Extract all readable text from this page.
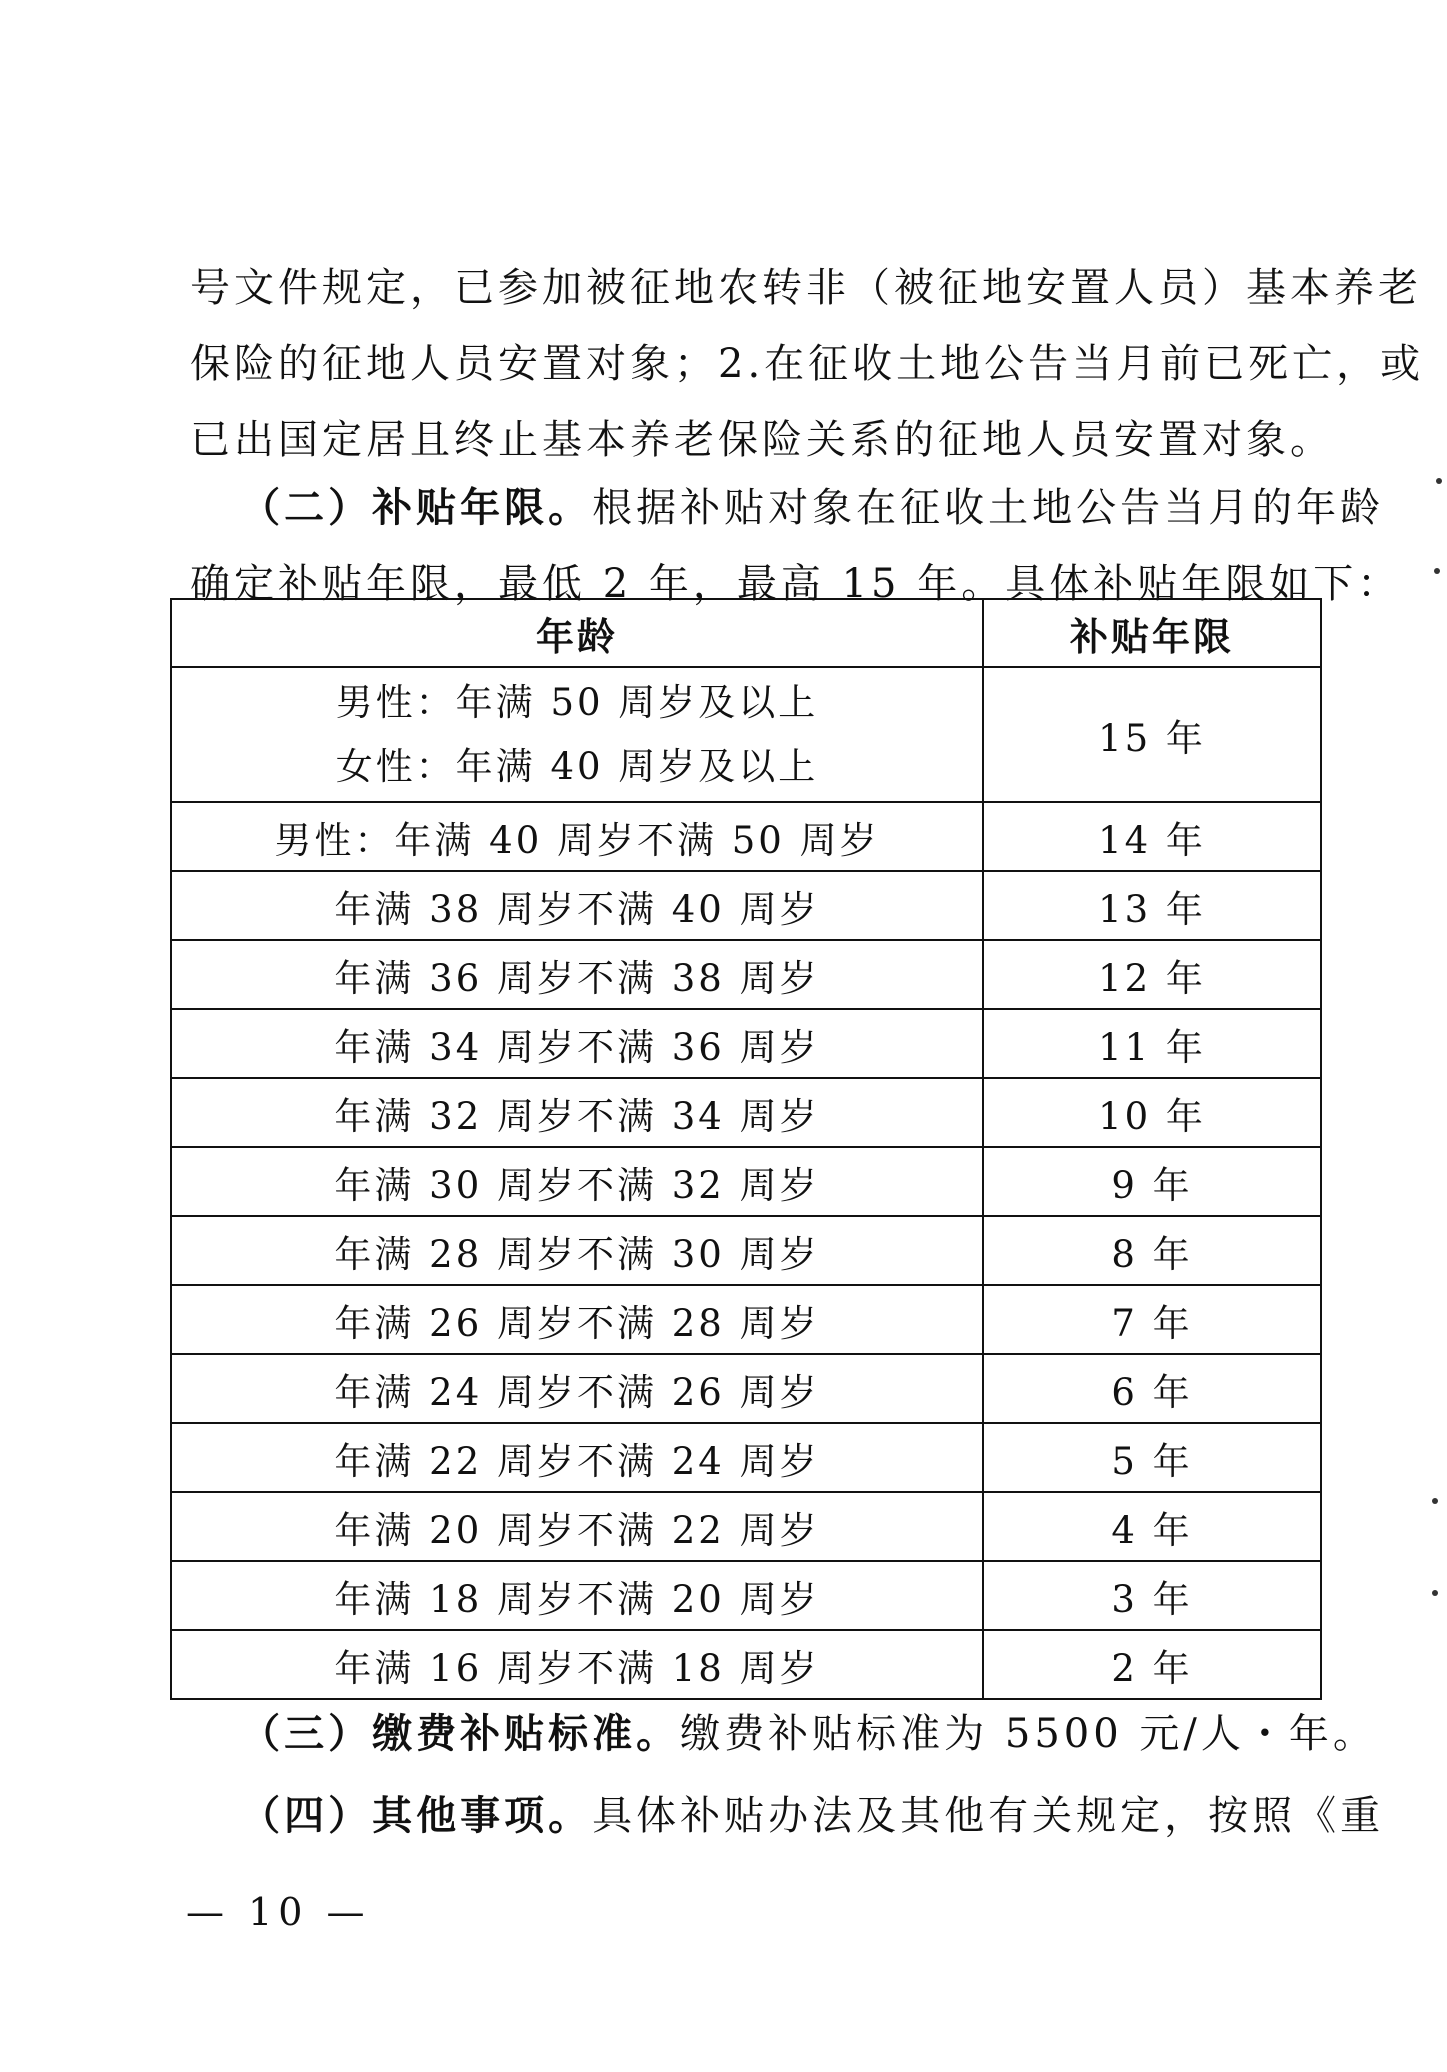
号文件规定，已参加被征地农转非（被征地安置人员）基本养老
保险的征地人员安置对象；2.在征收土地公告当月前已死亡，或
已出国定居且终止基本养老保险关系的征地人员安置对象。
（二）补贴年限。根据补贴对象在征收土地公告当月的年龄
确定补贴年限，最低 2 年，最高 15 年。具体补贴年限如下：
年龄	补贴年限

男性：年满 50 周岁及以上
女性：年满 40 周岁及以上	15 年
男性：年满 40 周岁不满 50 周岁	14 年
年满 38 周岁不满 40 周岁	13 年
年满 36 周岁不满 38 周岁	12 年
年满 34 周岁不满 36 周岁	11 年
年满 32 周岁不满 34 周岁	10 年
年满 30 周岁不满 32 周岁	9 年
年满 28 周岁不满 30 周岁	8 年
年满 26 周岁不满 28 周岁	7 年
年满 24 周岁不满 26 周岁	6 年
年满 22 周岁不满 24 周岁	5 年
年满 20 周岁不满 22 周岁	4 年
年满 18 周岁不满 20 周岁	3 年
年满 16 周岁不满 18 周岁	2 年
（三）缴费补贴标准。缴费补贴标准为 5500 元/人・年。
（四）其他事项。具体补贴办法及其他有关规定，按照《重
— 10 —
